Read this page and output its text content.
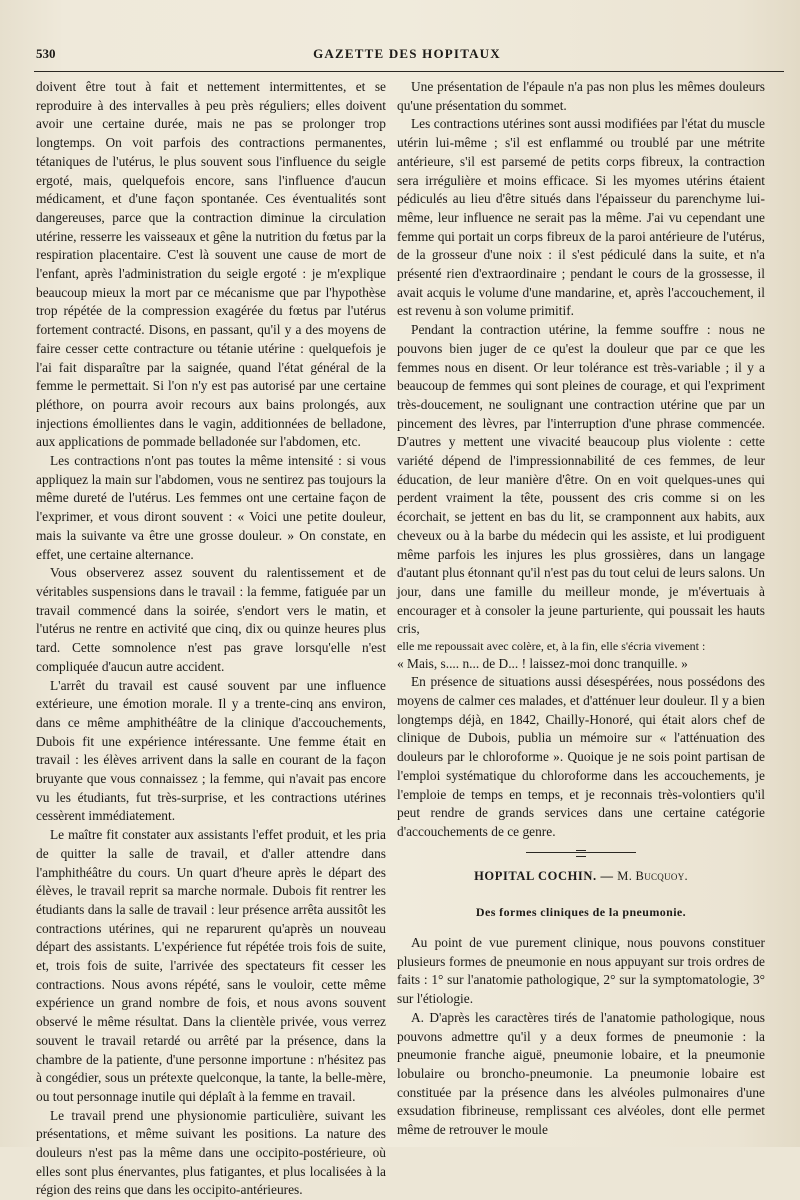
530	GAZETTE DES HOPITAUX

doivent être tout à fait et nettement intermittentes, et se reproduire à des intervalles à peu près réguliers; elles doivent avoir une certaine durée, mais ne pas se prolonger trop longtemps. On voit parfois des contractions permanentes, tétaniques de l'utérus, le plus souvent sous l'influence du seigle ergoté, mais, quelquefois encore, sans l'influence d'aucun médicament, et d'une façon spontanée. Ces éventualités sont dangereuses, parce que la contraction diminue la circulation utérine, resserre les vaisseaux et gêne la nutrition du fœtus par la respiration placentaire. C'est là souvent une cause de mort de l'enfant, après l'administration du seigle ergoté : je m'explique beaucoup mieux la mort par ce mécanisme que par l'hypothèse trop répétée de la compression exagérée du fœtus par l'utérus fortement contracté. Disons, en passant, qu'il y a des moyens de faire cesser cette contracture ou tétanie utérine : quelquefois je l'ai fait disparaître par la saignée, quand l'état général de la femme le permettait. Si l'on n'y est pas autorisé par une certaine pléthore, on pourra avoir recours aux bains prolongés, aux injections émollientes dans le vagin, additionnées de belladone, aux applications de pommade belladonée sur l'abdomen, etc.

Les contractions n'ont pas toutes la même intensité : si vous appliquez la main sur l'abdomen, vous ne sentirez pas toujours la même dureté de l'utérus. Les femmes ont une certaine façon de l'exprimer, et vous diront souvent : « Voici une petite douleur, mais la suivante va être une grosse douleur. » On constate, en effet, une certaine alternance.

Vous observerez assez souvent du ralentissement et de véritables suspensions dans le travail : la femme, fatiguée par un travail commencé dans la soirée, s'endort vers le matin, et l'utérus ne rentre en activité que cinq, dix ou quinze heures plus tard. Cette somnolence n'est pas grave lorsqu'elle n'est compliquée d'aucun autre accident.

L'arrêt du travail est causé souvent par une influence extérieure, une émotion morale. Il y a trente-cinq ans environ, dans ce même amphithéâtre de la clinique d'accouchements, Dubois fit une expérience intéressante. Une femme était en travail : les élèves arrivent dans la salle en courant de la façon bruyante que vous connaissez ; la femme, qui n'avait pas encore vu les étudiants, fut très-surprise, et les contractions utérines cessèrent immédiatement.

Le maître fit constater aux assistants l'effet produit, et les pria de quitter la salle de travail, et d'aller attendre dans l'amphithéâtre du cours. Un quart d'heure après le départ des élèves, le travail reprit sa marche normale. Dubois fit rentrer les étudiants dans la salle de travail : leur présence arrêta aussitôt les contractions utérines, qui ne reparurent qu'après un nouveau départ des assistants. L'expérience fut répétée trois fois de suite, et, trois fois de suite, l'arrivée des spectateurs fit cesser les contractions. Nous avons répété, sans le vouloir, cette même expérience un grand nombre de fois, et nous avons souvent observé le même résultat. Dans la clientèle privée, vous verrez souvent le travail retardé ou arrêté par la présence, dans la chambre de la patiente, d'une personne importune : n'hésitez pas à congédier, sous un prétexte quelconque, la tante, la belle-mère, ou tout personnage inutile qui déplaît à la femme en travail.

Le travail prend une physionomie particulière, suivant les présentations, et même suivant les positions. La nature des douleurs n'est pas la même dans une occipito-postérieure, où elles sont plus énervantes, plus fatigantes, et plus localisées à la région des reins que dans les occipito-antérieures.

Une présentation de l'épaule n'a pas non plus les mêmes douleurs qu'une présentation du sommet.

Les contractions utérines sont aussi modifiées par l'état du muscle utérin lui-même ; s'il est enflammé ou troublé par une métrite antérieure, s'il est parsemé de petits corps fibreux, la contraction sera irrégulière et moins efficace. Si les myomes utérins étaient pédiculés au lieu d'être situés dans l'épaisseur du parenchyme lui-même, leur influence ne serait pas la même. J'ai vu cependant une femme qui portait un corps fibreux de la paroi antérieure de l'utérus, de la grosseur d'une noix : il s'est pédiculé dans la suite, et n'a présenté rien d'extraordinaire ; pendant le cours de la grossesse, il avait acquis le volume d'une mandarine, et, après l'accouchement, il est revenu à son volume primitif.

Pendant la contraction utérine, la femme souffre : nous ne pouvons bien juger de ce qu'est la douleur que par ce que les femmes nous en disent. Or leur tolérance est très-variable ; il y a beaucoup de femmes qui sont pleines de courage, et qui l'expriment très-doucement, ne soulignant une contraction utérine que par un pincement des lèvres, par l'interruption d'une phrase commencée. D'autres y mettent une vivacité beaucoup plus violente : cette variété dépend de l'impressionnabilité de ces femmes, de leur éducation, de leur manière d'être. On en voit quelques-unes qui perdent vraiment la tête, poussent des cris comme si on les écorchait, se jettent en bas du lit, se cramponnent aux habits, aux cheveux ou à la barbe du médecin qui les assiste, et lui prodiguent même parfois les injures les plus grossières, dans un langage d'autant plus étonnant qu'il n'est pas du tout celui de leurs salons. Un jour, dans une famille du meilleur monde, je m'évertuais à encourager et à consoler la jeune parturiente, qui poussait les hauts cris,

elle me repoussait avec colère, et, à la fin, elle s'écria vivement :

« Mais, s.... n... de D... ! laissez-moi donc tranquille. »

En présence de situations aussi désespérées, nous possédons des moyens de calmer ces malades, et d'atténuer leur douleur. Il y a bien longtemps déjà, en 1842, Chailly-Honoré, qui était alors chef de clinique de Dubois, publia un mémoire sur « l'atténuation des douleurs par le chloroforme ». Quoique je ne sois point partisan de l'emploi systématique du chloroforme dans les accouchements, je l'emploie de temps en temps, et je reconnais très-volontiers qu'il peut rendre de grands services dans une certaine catégorie d'accouchements de ce genre.

HOPITAL COCHIN. — M. Bucquoy.
Des formes cliniques de la pneumonie.

Au point de vue purement clinique, nous pouvons constituer plusieurs formes de pneumonie en nous appuyant sur trois ordres de faits : 1° sur l'anatomie pathologique, 2° sur la symptomatologie, 3° sur l'étiologie.

A. D'après les caractères tirés de l'anatomie pathologique, nous pouvons admettre qu'il y a deux formes de pneumonie : la pneumonie franche aiguë, pneumonie lobaire, et la pneumonie lobulaire ou broncho-pneumonie. La pneumonie lobaire est constituée par la présence dans les alvéoles pulmonaires d'une exsudation fibrineuse, remplissant ces alvéoles, dont elle permet même de retrouver le moule
